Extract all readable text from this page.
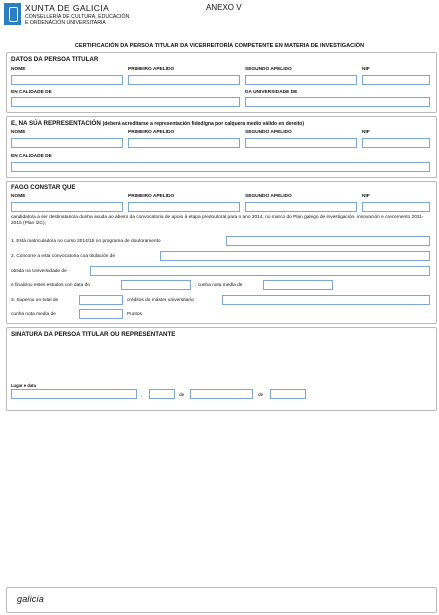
XUNTA DE GALICIA
CONSELLERÍA DE CULTURA, EDUCACIÓN
E ORDENACIÓN UNIVERSITARIA
ANEXO V
CERTIFICACIÓN DA PERSOA TITULAR DA VICERREITORÍA COMPETENTE EN MATERIA DE INVESTIGACIÓN
DATOS DA PERSOA TITULAR
NOME	PRIMEIRO APELIDO	SEGUNDO APELIDO	NIF
EN CALIDADE DE	DA UNIVERSIDADE DE
E, NA SÚA REPRESENTACIÓN (deberá acreditarse a representación fidedigna por calquera medio válido en dereito)
NOME	PRIMEIRO APELIDO	SEGUNDO APELIDO	NIF
EN CALIDADE DE
FAGO CONSTAR QUE
NOME	PRIMEIRO APELIDO	SEGUNDO APELIDO	NIF
candidato/a a ser destinatario/a dunha axuda ao abeiro da convocatoria de apoio á etapa predoutoral para o ano 2014, no marco do Plan galego de investigación, innovación e crecemento 2011-2015 (Plan I2C),
1. Está matriculado/a no curso 2014/15 no programa de doutoramento
2. Concorre a esta convocatoria coa titulación de
obtida na Universidade de
e finalizou estes estudos con data do	, cunha nota media de
3. Superou un total de	créditos do máster universitario
cunha nota media de	Puntos.
SINATURA DA PERSOA TITULAR OU REPRESENTANTE
Lugar e data
,	de	de
galicia
